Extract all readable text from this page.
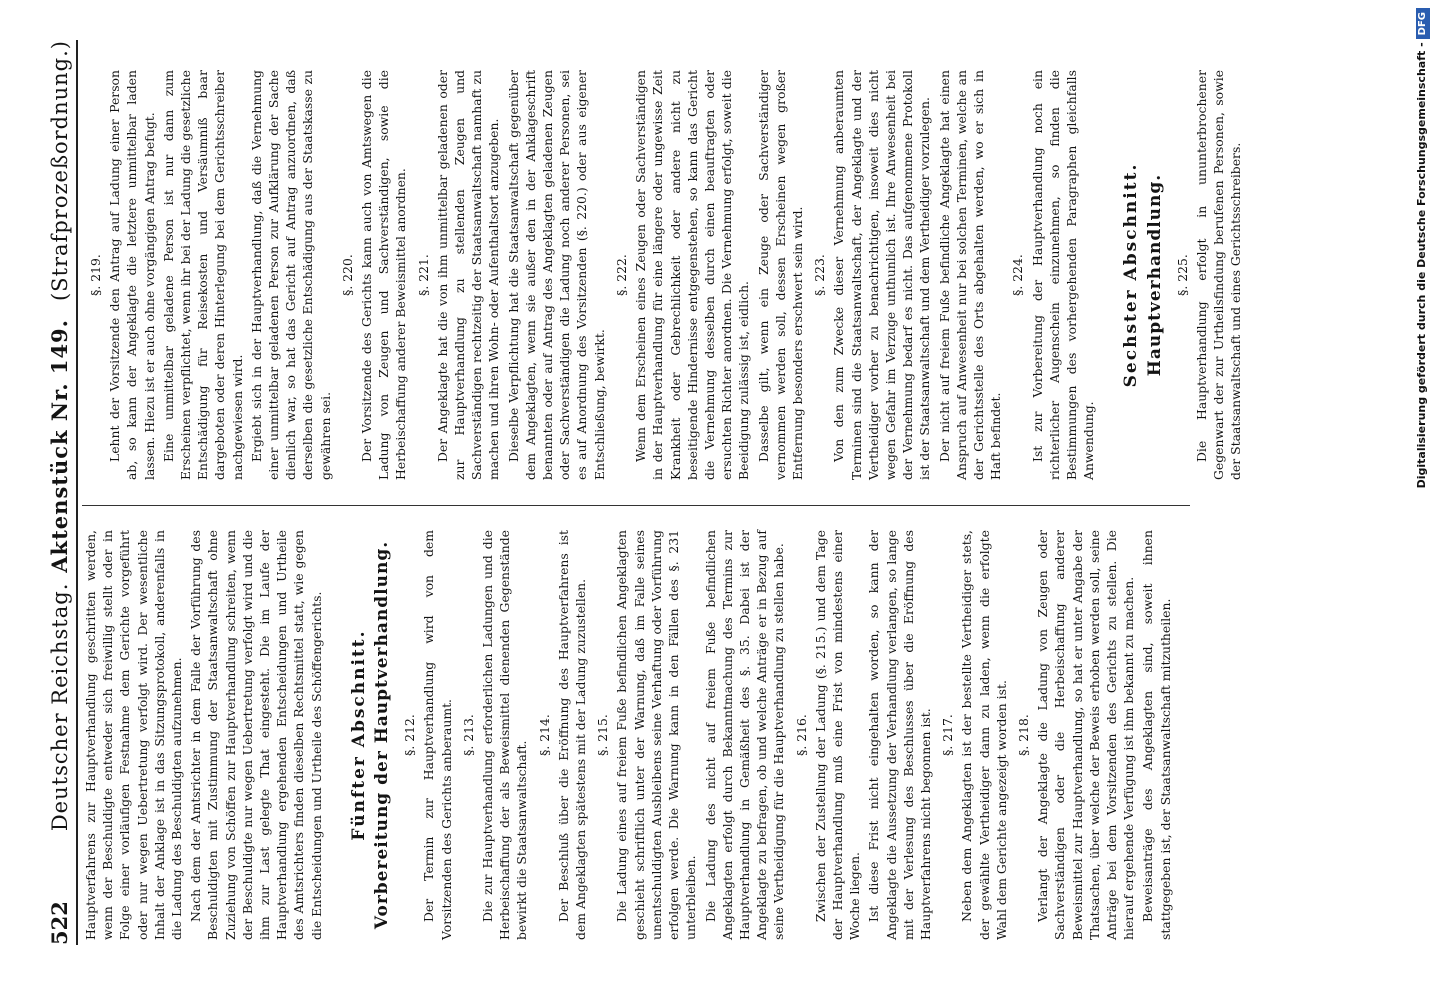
522
Deutscher Reichstag.
Aktenstück Nr. 149.
(Strafprozeßordnung.)

Hauptverfahrens zur Hauptverhandlung geschritten werden, wenn der Beschuldigte entweder sich freiwillig stellt oder in Folge einer vorläufigen Festnahme dem Gerichte vorgeführt oder nur wegen Uebertretung verfolgt wird. Der wesentliche Inhalt der Anklage ist in das Sitzungsprotokoll, anderenfalls in die Ladung des Beschuldigten aufzunehmen. Nach dem der Amtsrichter in dem Falle der Vorführung des Beschuldigten mit Zustimmung der Staatsanwaltschaft ohne Zuziehung von Schöffen zur Hauptverhandlung schreiten, wenn der Beschuldigte nur wegen Uebertretung verfolgt wird und die ihm zur Last gelegte That eingesteht. Die im Laufe der Hauptverhandlung ergehenden Entscheidungen und Urtheile des Amtsrichters finden dieselben Rechtsmittel statt, wie gegen die Entscheidungen und Urtheile des Schöffengerichts. Fünfter Abschnitt. Vorbereitung der Hauptverhandlung. §. 212. Der Termin zur Hauptverhandlung wird von dem Vorsitzenden des Gerichts anberaumt. §. 213. Die zur Hauptverhandlung erforderlichen Ladungen und die Herbeischaffung der als Beweismittel dienenden Gegenstände bewirkt die Staatsanwaltschaft.

§. 214. Der Beschluß über die Eröffnung des Hauptverfahrens ist dem Angeklagten spätestens mit der Ladung zuzustellen. §. 215. Die Ladung eines auf freiem Fuße befindlichen Angeklagten geschieht schriftlich unter der Warnung, daß im Falle seines unentschuldigten Ausbleibens seine Verhaftung oder Vorführung erfolgen werde. Die Warnung kann in den Fällen des §. 231 unterbleiben. Die Ladung des nicht auf freiem Fuße befindlichen Angeklagten erfolgt durch Bekanntmachung des Termins zur Hauptverhandlung in Gemäßheit des §. 35. Dabei ist der Angeklagte zu befragen, ob und welche Anträge er in Bezug auf seine Vertheidigung für die Hauptverhandlung zu stellen habe. §. 216. Zwischen der Zustellung der Ladung (§. 215.) und dem Tage der Hauptverhandlung muß eine Frist von mindestens einer Woche liegen. Ist diese Frist nicht eingehalten worden, so kann der Angeklagte die Aussetzung der Verhandlung verlangen, so lange mit der Verlesung des Beschlusses über die Eröffnung des Hauptverfahrens nicht begonnen ist. §. 217. Neben dem Angeklagten ist der bestellte Vertheidiger stets, der gewählte Vertheidiger dann zu laden, wenn die erfolgte Wahl dem Gerichte angezeigt worden ist. §. 218. Verlangt der Angeklagte die Ladung von Zeugen oder Sachverständigen oder die Herbeischaffung anderer Beweismittel zur Hauptverhandlung, so hat er unter Angabe der Thatsachen, über welche der Beweis erhoben werden soll, seine Anträge bei dem Vorsitzenden des Gerichts zu stellen. Die hierauf ergehende Verfügung ist ihm bekannt zu machen. Beweisanträge des Angeklagten sind, soweit ihnen stattgegeben ist, der Staatsanwaltschaft mitzutheilen.

§. 219. Lehnt der Vorsitzende den Antrag auf Ladung einer Person ab, so kann der Angeklagte die letztere unmittelbar laden lassen. Hiezu ist er auch ohne vorgängigen Antrag befugt. Eine unmittelbar geladene Person ist nur dann zum Erscheinen verpflichtet, wenn ihr bei der Ladung die gesetzliche Entschädigung für Reisekosten und Versäumniß baar dargeboten oder deren Hinterlegung bei dem Gerichtsschreiber nachgewiesen wird. Ergiebt sich in der Hauptverhandlung, daß die Vernehmung einer unmittelbar geladenen Person zur Aufklärung der Sache dienlich war, so hat das Gericht auf Antrag anzuordnen, daß derselben die gesetzliche Entschädigung aus der Staatskasse zu gewähren sei.

§. 220. Der Vorsitzende des Gerichts kann auch von Amtswegen die Ladung von Zeugen und Sachverständigen, sowie die Herbeischaffung anderer Beweismittel anordnen. §. 221. Der Angeklagte hat die von ihm unmittelbar geladenen oder zur Hauptverhandlung zu stellenden Zeugen und Sachverständigen rechtzeitig der Staatsanwaltschaft namhaft zu machen und ihren Wohn- oder Aufenthaltsort anzugeben. Dieselbe Verpflichtung hat die Staatsanwaltschaft gegenüber dem Angeklagten, wenn sie außer den in der Anklageschrift benannten oder auf Antrag des Angeklagten geladenen Zeugen oder Sachverständigen die Ladung noch anderer Personen, sei es auf Anordnung des Vorsitzenden (§. 220.) oder aus eigener Entschließung, bewirkt.

§. 222. Wenn dem Erscheinen eines Zeugen oder Sachverständigen in der Hauptverhandlung für eine längere oder ungewisse Zeit Krankheit oder Gebrechlichkeit oder andere nicht zu beseitigende Hindernisse entgegenstehen, so kann das Gericht die Vernehmung desselben durch einen beauftragten oder ersuchten Richter anordnen. Die Vernehmung erfolgt, soweit die Beeidigung zulässig ist, eidlich. Dasselbe gilt, wenn ein Zeuge oder Sachverständiger vernommen werden soll, dessen Erscheinen wegen großer Entfernung besonders erschwert sein wird. §. 223. Von den zum Zwecke dieser Vernehmung anberaumten Terminen sind die Staatsanwaltschaft, der Angeklagte und der Vertheidiger vorher zu benachrichtigen, insoweit dies nicht wegen Gefahr im Verzuge unthunlich ist. Ihre Anwesenheit bei der Vernehmung bedarf es nicht. Das aufgenommene Protokoll ist der Staatsanwaltschaft und dem Vertheidiger vorzulegen. Der nicht auf freiem Fuße befindliche Angeklagte hat einen Anspruch auf Anwesenheit nur bei solchen Terminen, welche an der Gerichtsstelle des Orts abgehalten werden, wo er sich in Haft befindet.

§. 224. Ist zur Vorbereitung der Hauptverhandlung noch ein richterlicher Augenschein einzunehmen, so finden die Bestimmungen des vorhergehenden Paragraphen gleichfalls Anwendung.

Sechster Abschnitt. Hauptverhandlung. §. 225. Die Hauptverhandlung erfolgt in ununterbrochener Gegenwart der zur Urtheilsfindung berufenen Personen, sowie der Staatsanwaltschaft und eines Gerichtsschreibers.	Digitalisierung gefördert durch die Deutsche Forschungsgemeinschaft -DFG
